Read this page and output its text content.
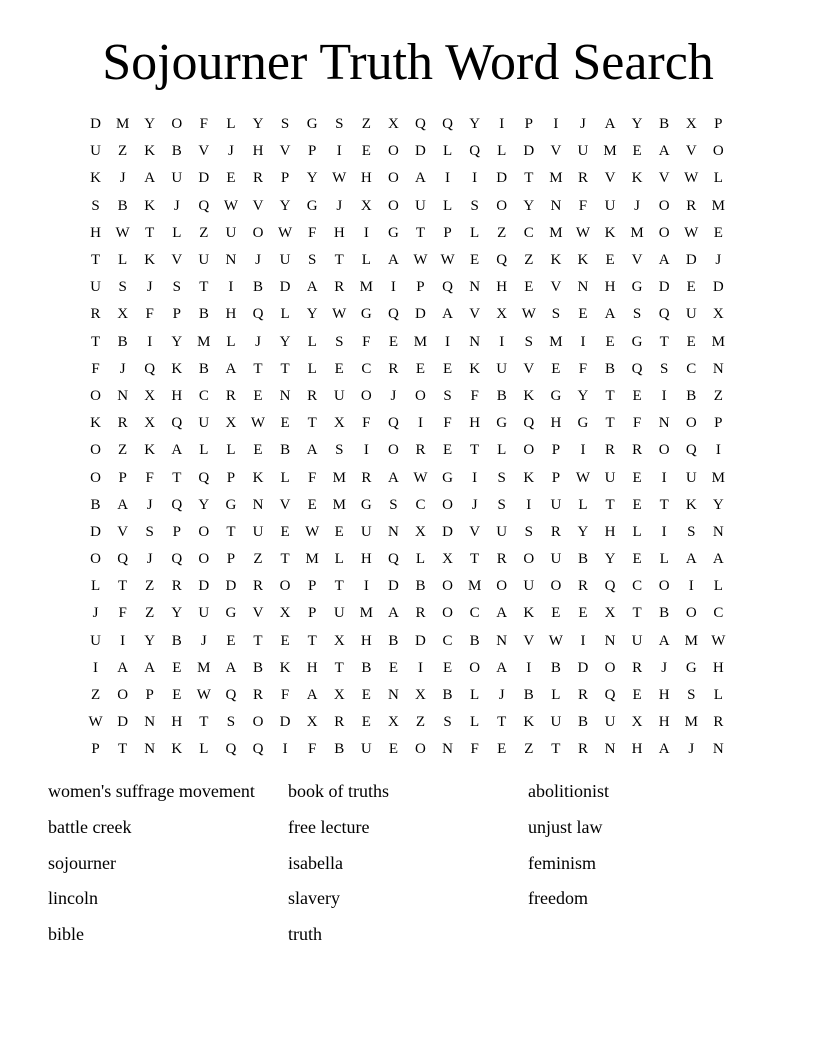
Sojourner Truth Word Search
D M Y	O	F	L	Y	S	G	S	Z	X	Q	Q	Y	I	P	I	J	A	Y	B	X	P
U	Z	K	B	V	J	H	V	P	I	E	O	D	L	Q	L	D	V	U M	E	A	V	O
K	J	A	U	D	E	R	P	Y W H	O	A	I	I	D	T	M	R	V	K	V W	L
S	B	K	J	Q W V	Y	G	J	X	O	U	L	S	O	Y	N	F	U	J	O	R	M
H W	T	L	Z	U	O W	F	H	I	G	T	P	L	Z	C	M W K M O W	E
T	L	K	V	U	N	J	U	S	T	L	A W W	E	Q	Z	K	K	E	V	A	D	J
U	S	J	S	T	I	B	D	A	R	M	I	P	Q	N	H	E	V	N	H	G	D	E	D
R	X	F	P	B	H	Q	L	Y W G	Q	D	A	V	X W	S	E	A	S	Q	U	X
T	B	I	Y M	L	J	Y	L	S	F	E	M	I	N	I	S	M	I	E	G	T	E	M
F	J	Q	K	B	A	T	T	L	E	C	R	E	E	K	U	V	E	F	B	Q	S	C	N
O	N	X	H	C	R	E	N	R	U	O	J	O	S	F	B	K	G	Y	T	E	I	B	Z
K	R	X	Q	U	X W	E	T	X	F	Q	I	F	H	G	Q	H	G	T	F	N	O	P
O	Z	K	A	L	L	E	B	A	S	I	O	R	E	T	L	O	P	I	R	R	O	Q	I
O	P	F	T	Q	P	K	L	F	M	R	A W G	I	S	K	P	W U	E	I	U M
B	A	J	Q	Y	G	N	V	E	M G	S	C	O	J	S	I	U	L	T	E	T	K	Y
D	V	S	P	O	T	U	E	W	E	U	N	X	D	V	U	S	R	Y	H	L	I	S	N
O	Q	J	Q	O	P	Z	T	M	L	H	Q	L	X	T	R	O	U	B	Y	E	L	A	A
L	T	Z	R	D	D	R	O	P	T	I	D	B	O M O	U	O	R	Q	C	O	I	L
J	F	Z	Y	U	G	V	X	P	U M A	R	O	C	A	K	E	E	X	T	B	O	C
U	I	Y	B	J	E	T	E	T	X	H	B	D	C	B	N	V W	I	N	U	A M W
I	A	A	E	M A	B	K	H	T	B	E	I	E	O	A	I	B	D	O	R	J	G	H
Z	O	P	E	W Q	R	F	A	X	E	N	X	B	L	J	B	L	R	Q	E	H	S	L
W D	N	H	T	S	O	D	X	R	E	X	Z	S	L	T	K	U	B	U	X	H M	R
P	T	N	K	L	Q	Q	I	F	B	U	E	O	N	F	E	Z	T	R	N	H	A	J	N
women's suffrage movement
battle creek
sojourner
lincoln
bible
book of truths
free lecture
isabella
slavery
truth
abolitionist
unjust law
feminism
freedom
